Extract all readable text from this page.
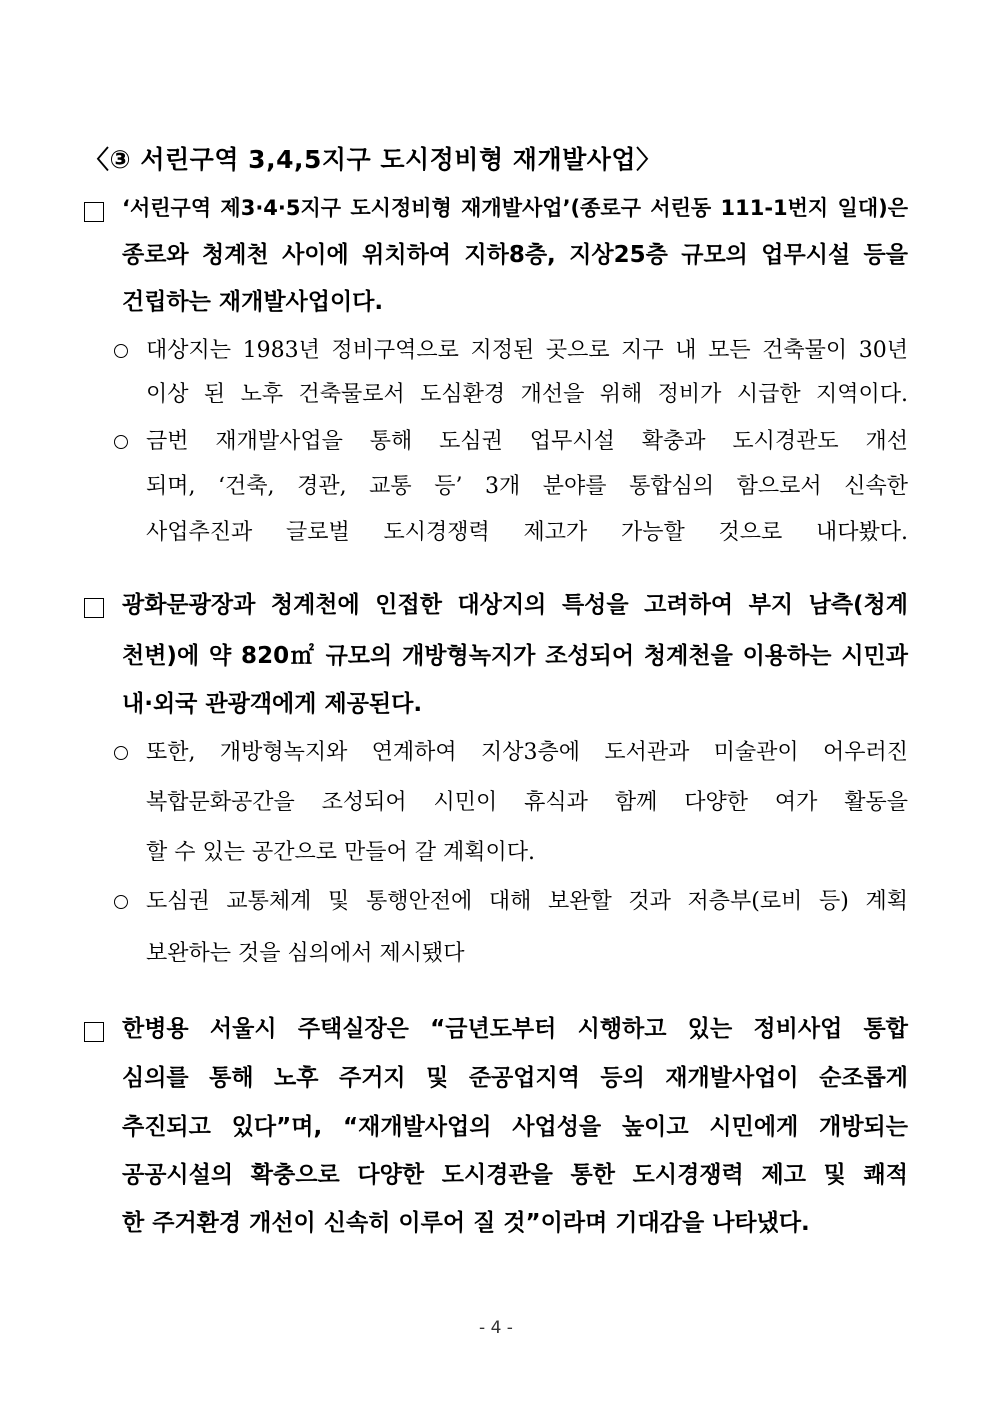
〈③ 서린구역 3,4,5지구 도시정비형 재개발사업〉
‘서린구역 제3·4·5지구 도시정비형 재개발사업’(종로구 서린동 111-1번지 일대)은
종로와 청계천 사이에 위치하여 지하8층, 지상25층 규모의 업무시설 등을
건립하는 재개발사업이다.
대상지는 1983년 정비구역으로 지정된 곳으로 지구 내 모든 건축물이 30년
이상 된 노후 건축물로서 도심환경 개선을 위해 정비가 시급한 지역이다.
금번 재개발사업을 통해 도심권 업무시설 확충과 도시경관도 개선
되며, ‘건축, 경관, 교통 등’ 3개 분야를 통합심의 함으로서 신속한
사업추진과 글로벌 도시경쟁력 제고가 가능할 것으로 내다봤다.
광화문광장과 청계천에 인접한 대상지의 특성을 고려하여 부지 남측(청계
천변)에 약 820㎡ 규모의 개방형녹지가 조성되어 청계천을 이용하는 시민과
내·외국 관광객에게 제공된다.
또한, 개방형녹지와 연계하여 지상3층에 도서관과 미술관이 어우러진
복합문화공간을 조성되어 시민이 휴식과 함께 다양한 여가 활동을
할 수 있는 공간으로 만들어 갈 계획이다.
도심권 교통체계 및 통행안전에 대해 보완할 것과 저층부(로비 등) 계획
보완하는 것을 심의에서 제시됐다
한병용 서울시 주택실장은 “금년도부터 시행하고 있는 정비사업 통합
심의를 통해 노후 주거지 및 준공업지역 등의 재개발사업이 순조롭게
추진되고 있다”며, “재개발사업의 사업성을 높이고 시민에게 개방되는
공공시설의 확충으로 다양한 도시경관을 통한 도시경쟁력 제고 및 쾌적
한 주거환경 개선이 신속히 이루어 질 것”이라며 기대감을 나타냈다.
- 4 -
